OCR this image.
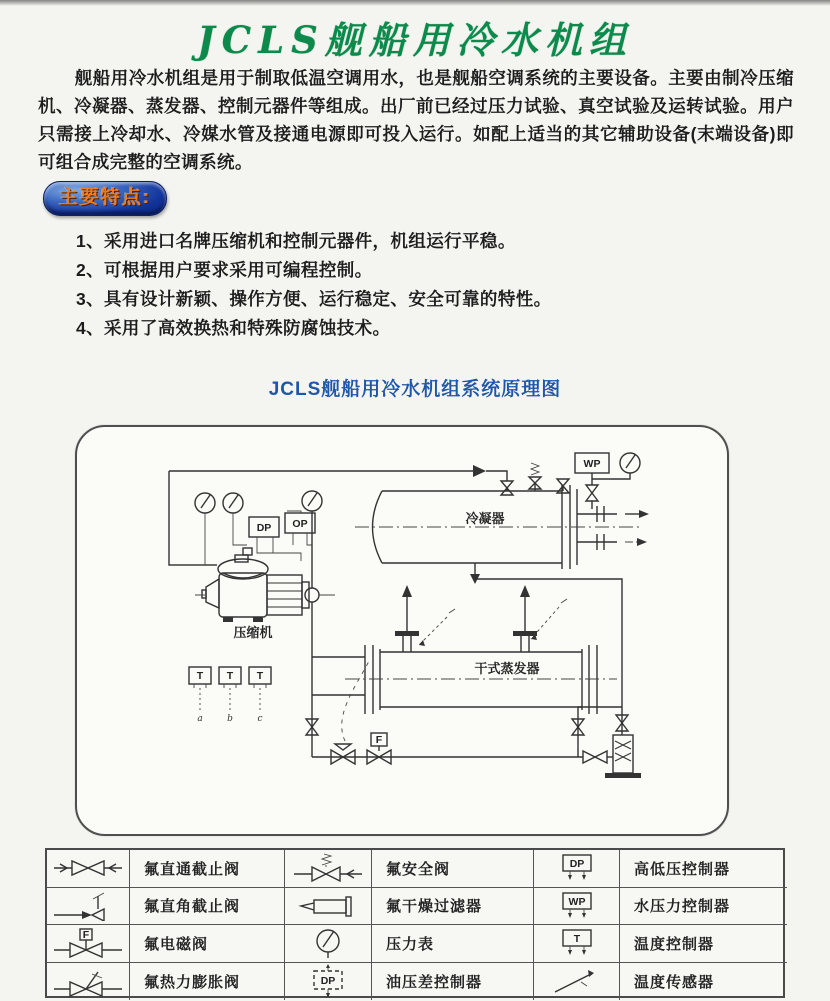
JCLS舰船用冷水机组
舰船用冷水机组是用于制取低温空调用水，也是舰船空调系统的主要设备。主要由制冷压缩机、冷凝器、蒸发器、控制元器件等组成。出厂前已经过压力试验、真空试验及运转试验。用户只需接上冷却水、冷媒水管及接通电源即可投入运行。如配上适当的其它辅助设备(末端设备)即可组合成完整的空调系统。
主要特点:
1、采用进口名牌压缩机和控制元器件，机组运行平稳。
2、可根据用户要求采用可编程控制。
3、具有设计新颖、操作方便、运行稳定、安全可靠的特性。
4、采用了高效换热和特殊防腐蚀技术。
JCLS舰船用冷水机组系统原理图
WP
冷凝器
DP OP
压缩机
干式蒸发器
T
a
T
b
T
c
F
氟直通截止阀	氟安全阀	DP	高低压控制器
氟直角截止阀	氟干燥过滤器	WP	水压力控制器
F
氟电磁阀	压力表	T	温度控制器
氟热力膨胀阀	DP	油压差控制器	温度传感器
